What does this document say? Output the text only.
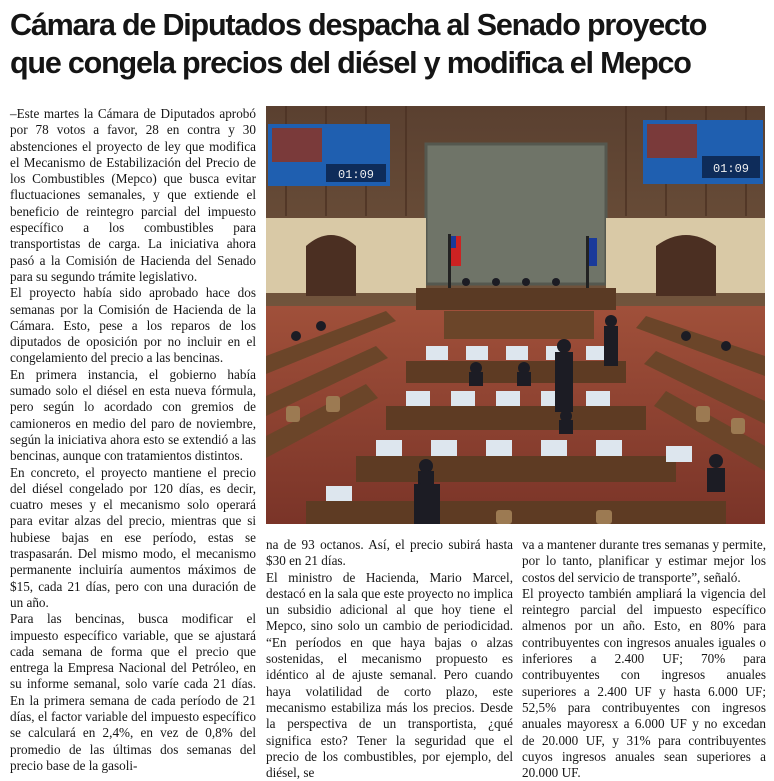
Cámara de Diputados despacha al Senado proyecto
que congela precios del diésel y modifica el Mepco

–Este martes la Cámara de Diputados aprobó por 78 votos a favor, 28 en contra y 30 abstenciones el proyecto de ley que modifica el Mecanismo de Estabilización del Precio de los Combustibles (Mepco) que busca evitar fluctuaciones semanales, y que extiende el beneficio de reintegro parcial del impuesto específico a los combustibles para transportistas de carga. La iniciativa ahora pasó a la Comisión de Hacienda del Senado para su segundo trámite legislativo.

El proyecto había sido aprobado hace dos semanas por la Comisión de Hacienda de la Cámara. Esto, pese a los reparos de los diputados de oposición por no incluir en el congelamiento del precio a las bencinas.

En primera instancia, el gobierno había sumado solo el diésel en esta nueva fórmula, pero según lo acordado con gremios de camioneros en medio del paro de noviembre, según la iniciativa ahora esto se extendió a las bencinas, aunque con tratamientos distintos.

En concreto, el proyecto mantiene el precio del diésel congelado por 120 días, es decir, cuatro meses y el mecanismo solo operará para evitar alzas del precio, mientras que si hubiese bajas en ese período, estas se traspasarán. Del mismo modo, el mecanismo permanente incluiría aumentos máximos de $15, cada 21 días, pero con una duración de un año.

Para las bencinas, busca modificar el impuesto específico variable, que se ajustará cada semana de forma que el precio que entrega la Empresa Nacional del Petróleo, en su informe semanal, solo varíe cada 21 días. En la primera semana de cada período de 21 días, el factor variable del impuesto específico se calculará en 2,4%, en vez de 0,8% del promedio de las últimas dos semanas del precio base de la gasoli-

01:09	01:09

na de 93 octanos. Así, el precio subirá hasta $30 en 21 días.

El ministro de Hacienda, Mario Marcel, destacó en la sala que este proyecto no implica un subsidio adicional al que hoy tiene el Mepco, sino solo un cambio de periodicidad. “En períodos en que haya bajas o alzas sostenidas, el mecanismo propuesto es idéntico al de ajuste semanal. Pero cuando haya volatilidad de corto plazo, este mecanismo estabiliza más los precios. Desde la perspectiva de un transportista, ¿qué significa esto? Tener la seguridad que el precio de los combustibles, por ejemplo, del diésel, se

va a mantener durante tres semanas y permite, por lo tanto, planificar y estimar mejor los costos del servicio de transporte”, señaló.

El proyecto también ampliará la vigencia del reintegro parcial del impuesto específico almenos por un año. Esto, en 80% para contribuyentes con ingresos anuales iguales o inferiores a 2.400 UF; 70% para contribuyentes con ingresos anuales superiores a 2.400 UF y hasta 6.000 UF; 52,5% para contribuyentes con ingresos anuales mayoresx a 6.000 UF y no excedan de 20.000 UF, y 31% para contribuyentes cuyos ingresos anuales sean superiores a 20.000 UF.
